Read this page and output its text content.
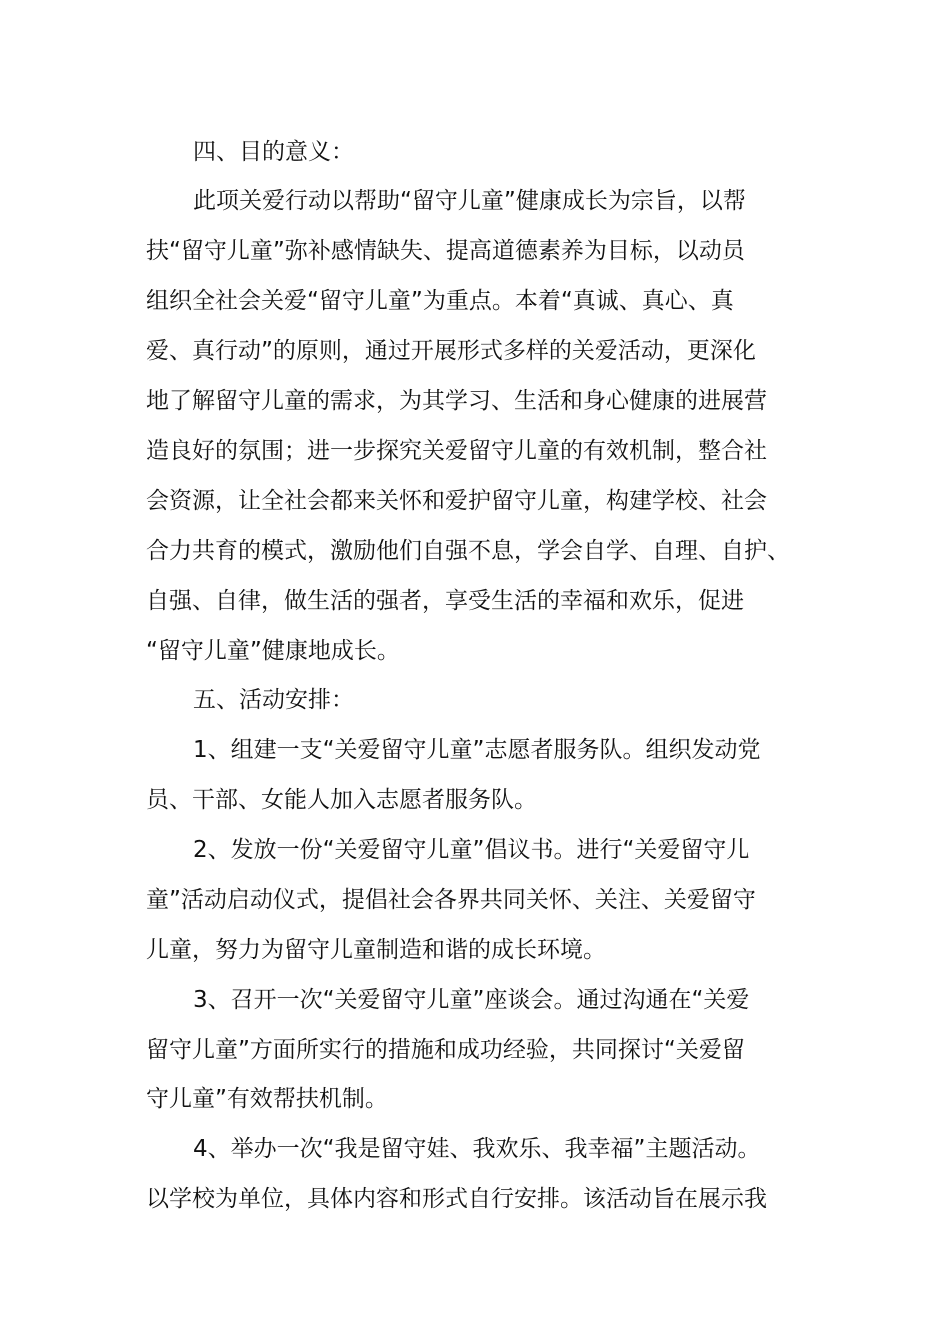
四、目的意义：

此项关爱行动以帮助“留守儿童”健康成长为宗旨，以帮

扶“留守儿童”弥补感情缺失、提高道德素养为目标，以动员

组织全社会关爱“留守儿童”为重点。本着“真诚、真心、真

爱、真行动”的原则，通过开展形式多样的关爱活动，更深化

地了解留守儿童的需求，为其学习、生活和身心健康的进展营

造良好的氛围；进一步探究关爱留守儿童的有效机制，整合社

会资源，让全社会都来关怀和爱护留守儿童，构建学校、社会

合力共育的模式，激励他们自强不息，学会自学、自理、自护、

自强、自律，做生活的强者，享受生活的幸福和欢乐，促进

“留守儿童”健康地成长。

五、活动安排：

1、组建一支“关爱留守儿童”志愿者服务队。组织发动党

员、干部、女能人加入志愿者服务队。

2、发放一份“关爱留守儿童”倡议书。进行“关爱留守儿

童”活动启动仪式，提倡社会各界共同关怀、关注、关爱留守

儿童，努力为留守儿童制造和谐的成长环境。

3、召开一次“关爱留守儿童”座谈会。通过沟通在“关爱

留守儿童”方面所实行的措施和成功经验，共同探讨“关爱留

守儿童”有效帮扶机制。

4、举办一次“我是留守娃、我欢乐、我幸福”主题活动。

以学校为单位，具体内容和形式自行安排。该活动旨在展示我
